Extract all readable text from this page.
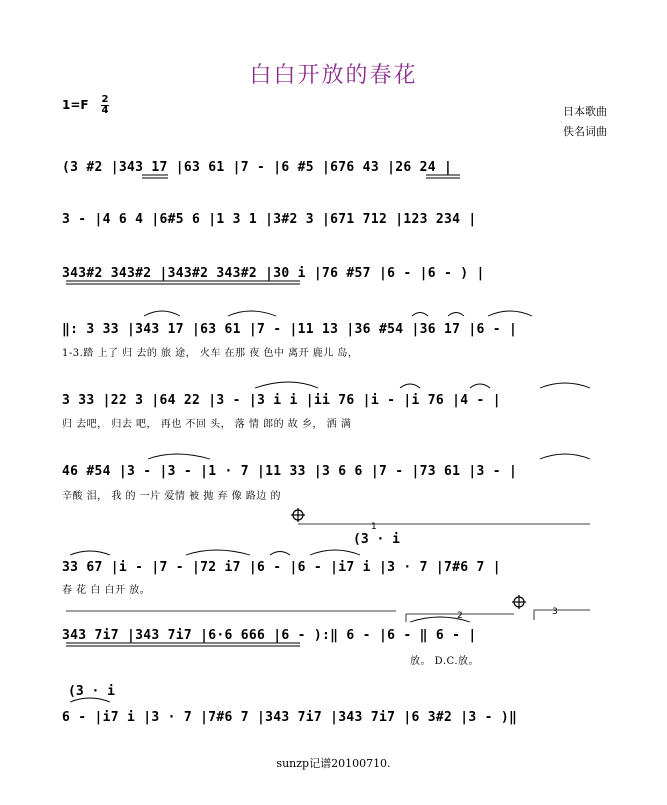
白白开放的春花
1=F 2
4	日本歌曲
佚名词曲
(3 #2 |343 17 |63 61 |7 - |6 #5 |676 43 |26 24 |
3 - |4 6 4 |6#5 6 |1 3 1 |3#2 3 |671 712 |123 234 |
343#2 343#2 |343#2 343#2 |30 i |76 #57 |6 - |6 - ) |
‖: 3 33 |343 17 |63 61 |7 - |11 13 |36 #54 |36 17 |6 - |
1-3.踏 上了 归 去的 旅 途， 火车 在那 夜 色中 离开 鹿儿 岛，
3 33 |22 3 |64 22 |3 - |3 i i |ii 76 |i - |i 76 |4 - |
归 去吧， 归去 吧， 再也 不回 头， 落 情 郎的 故 乡， 洒 满
46 #54 |3 - |3 - |1 · 7 |11 33 |3 6 6 |7 - |73 61 |3 - |
辛酸 泪， 我 的 一片 爱情 被 抛 弃 像 路边 的
(3 · i
33 67 |i - |7 - |72 i7 |6 - |6 - |i7 i |3 · 7 |7#6 7 |
春 花 白 白开 放。
343 7i7 |343 7i7 |6·6 666 |6 - ):‖ 6 - |6 - ‖ 6 - |
放。 D.C.放。
(3 · i
6 - |i7 i |3 · 7 |7#6 7 |343 7i7 |343 7i7 |6 3#2 |3 - )‖
sunzp记谱20100710.
1
2	3
